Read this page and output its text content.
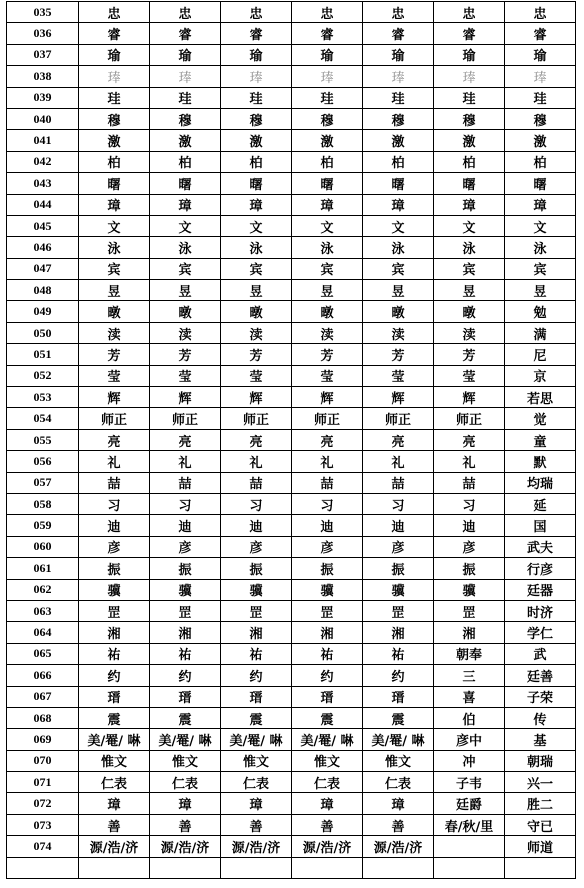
035	忠	忠	忠	忠	忠	忠	忠
036	睿	睿	睿	睿	睿	睿	睿
037	瑜	瑜	瑜	瑜	瑜	瑜	瑜
038	琫	琫	琫	琫	琫	琫	琫
039	珪	珪	珪	珪	珪	珪	珪
040	穆	穆	穆	穆	穆	穆	穆
041	激	激	激	激	激	激	激
042	柏	柏	柏	柏	柏	柏	柏
043	曙	曙	曙	曙	曙	曙	曙
044	璋	璋	璋	璋	璋	璋	璋
045	文	文	文	文	文	文	文
046	泳	泳	泳	泳	泳	泳	泳
047	宾	宾	宾	宾	宾	宾	宾
048	昱	昱	昱	昱	昱	昱	昱
049	暾	暾	暾	暾	暾	暾	勉
050	渎	渎	渎	渎	渎	渎	满
051	芳	芳	芳	芳	芳	芳	尼
052	莹	莹	莹	莹	莹	莹	京
053	辉	辉	辉	辉	辉	辉	若思
054	师正	师正	师正	师正	师正	师正	觉
055	亮	亮	亮	亮	亮	亮	童
056	礼	礼	礼	礼	礼	礼	默
057	喆	喆	喆	喆	喆	喆	均瑞
058	习	习	习	习	习	习	延
059	迪	迪	迪	迪	迪	迪	国
060	彦	彦	彦	彦	彦	彦	武夫
061	振	振	振	振	振	振	行彦
062	骥	骥	骥	骥	骥	骥	廷器
063	罡	罡	罡	罡	罡	罡	时济
064	湘	湘	湘	湘	湘	湘	学仁
065	祐	祐	祐	祐	祐	朝奉	武
066	约	约	约	约	约	三	廷善
067	瑨	瑨	瑨	瑨	瑨	喜	子荣
068	震	震	震	震	震	伯	传
069	美/罨/ 啉	美/罨/ 啉	美/罨/ 啉	美/罨/ 啉	美/罨/ 啉	彦中	基
070	惟文	惟文	惟文	惟文	惟文	冲	朝瑞
071	仁表	仁表	仁表	仁表	仁表	子韦	兴一
072	璋	璋	璋	璋	璋	廷爵	胜二
073	善	善	善	善	善	春/秋/里	守已
074	源/浩/济	源/浩/济	源/浩/济	源/浩/济	源/浩/济		师道
